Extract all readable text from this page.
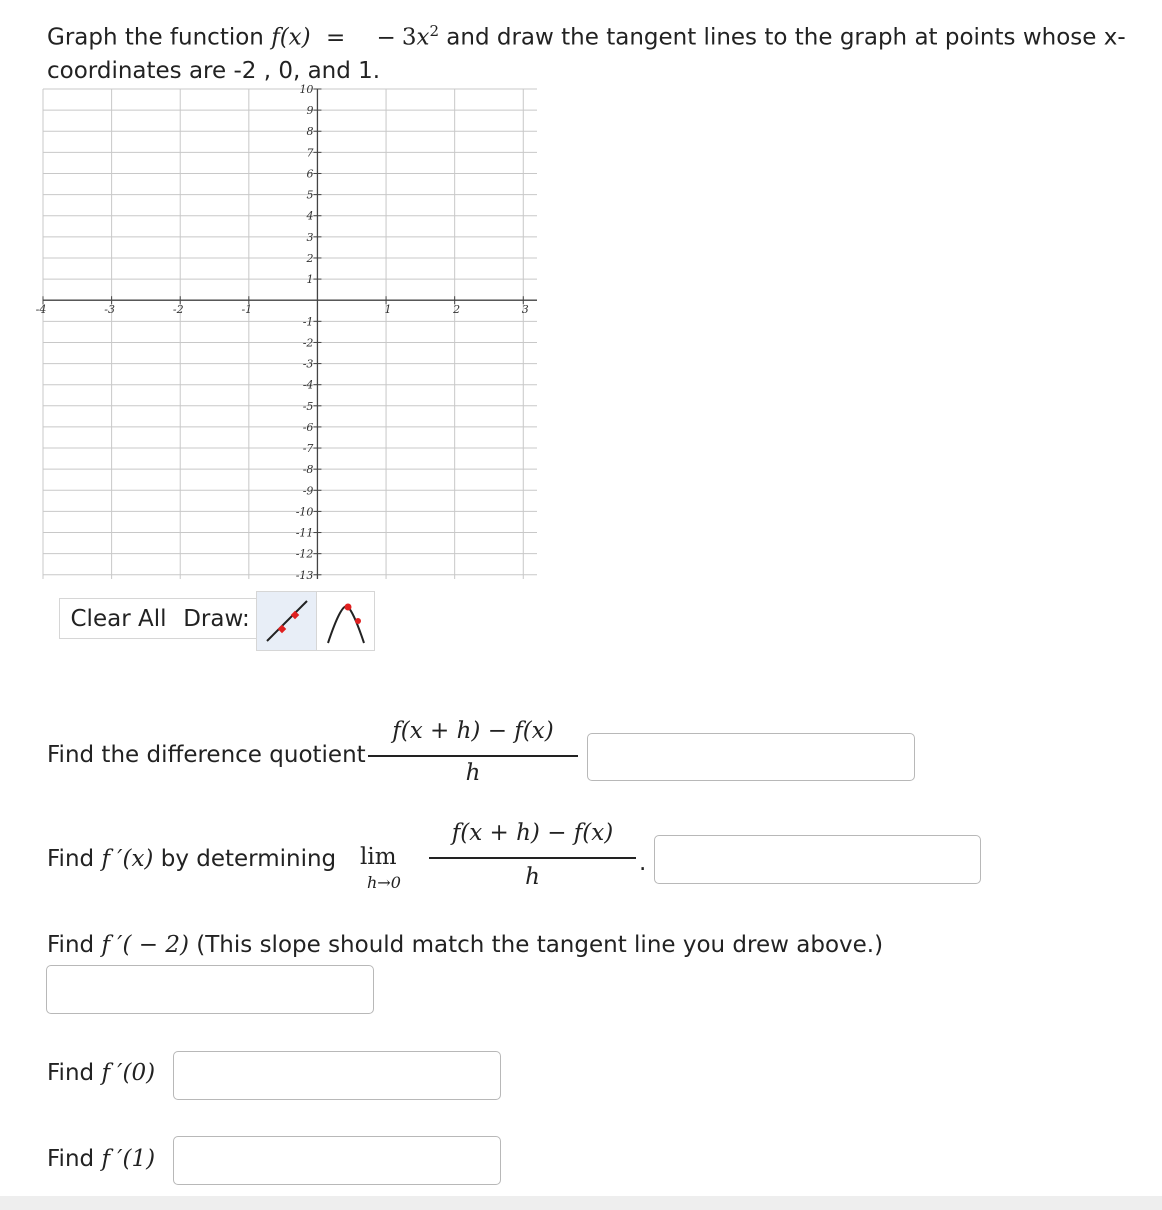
Graph the function f(x) = − $3x^2$ and draw the tangent lines to the graph at points whose x-
coordinates are -2 , 0, and 1.
-4	-3	-2	-1	1	2	3
10
9
8
7
6
5
4
3
2
1
-1
-2
-3
-4
-5
-6
-7
-8
-9
-10
-11
-12
-13
Clear All Draw:
Find the difference quotient
f(x + h) − f(x)
h
Find f ′(x) by determining lim
h→0
f(x + h) − f(x)
h
.
Find f ′( − 2) (This slope should match the tangent line you drew above.)
Find f ′(0)
Find f ′(1)
